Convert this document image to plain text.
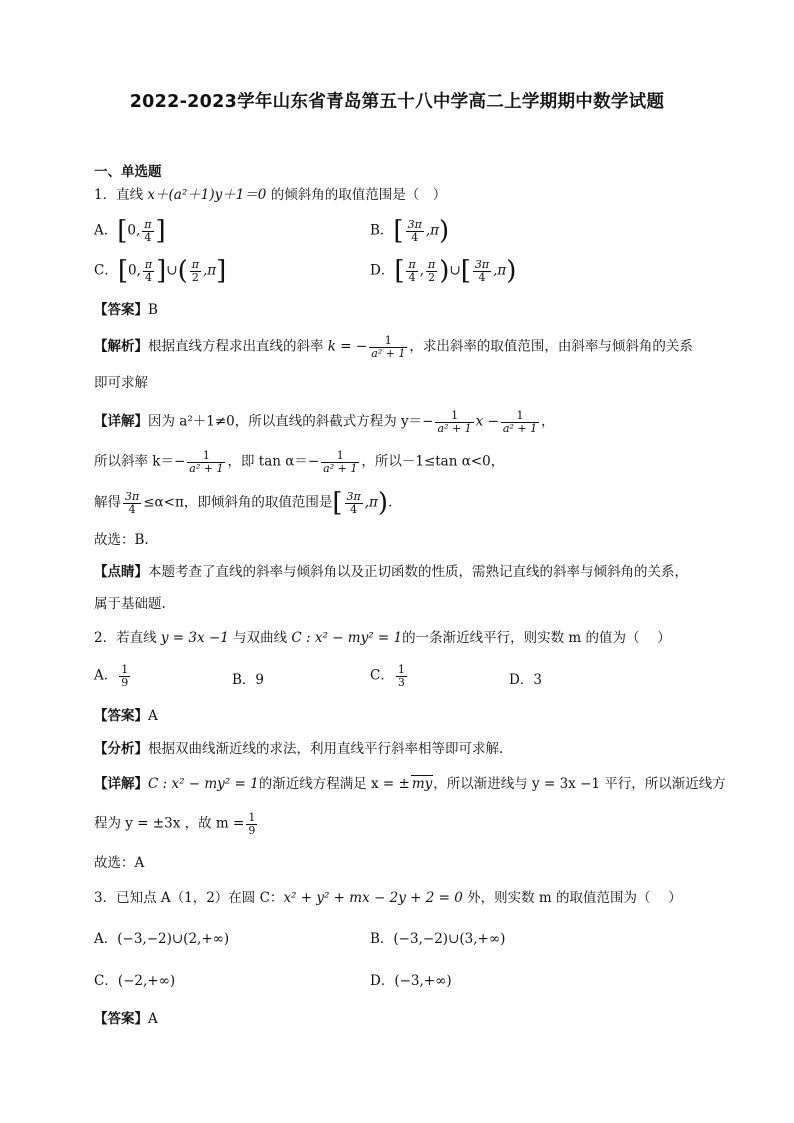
2022-2023学年山东省青岛第五十八中学高二上学期期中数学试题
一、单选题
1．直线 x＋(a²＋1)y＋1＝0 的倾斜角的取值范围是（　）
A．[0, $\frac{\pi}{4}$ ]	B．[ $\frac{3\pi}{4} ,\pi$)
C．[0, $\frac{\pi}{4}$ ]∪( $\frac{\pi}{2} ,\pi$]	D．[ $\frac{\pi}{4}$ , $\frac{\pi}{2}$ )∪[ $\frac{3\pi}{4} ,\pi$)
【答案】B
【解析】根据直线方程求出直线的斜率 k = − $\frac{1}{\text{a² + 1}}$ ，求出斜率的取值范围，由斜率与倾斜角的关系
即可求解
【详解】因为 a²＋1≠0，所以直线的斜截式方程为 $y=- \frac{1}{\text{a² + 1}}$ $x - \frac{1}{\text{a² + 1}}$ ，
所以斜率 $k=- \frac{1}{\text{a² + 1}}$ ，即 $\tan \alpha=- \frac{1}{\text{a² + 1}}$ ，所以－1≤tan α<0，
解得 $\frac{3\pi}{4} \le\alpha<\pi$，即倾斜角的取值范围是[ $\frac{3\pi}{4} ,\pi$).
故选：B.
【点睛】本题考查了直线的斜率与倾斜角以及正切函数的性质，需熟记直线的斜率与倾斜角的关系，
属于基础题.
2．若直线 y = 3x −1 与双曲线 C : x² − my² = 1的一条渐近线平行，则实数 m 的值为（　 ）
A． $\frac{1}{9}$	B．9	C． $\frac{1}{3}$	D．3
【答案】A
【分析】根据双曲线渐近线的求法，利用直线平行斜率相等即可求解.
【详解】C : x² − my² = 1的渐近线方程满足 x = ± my，所以渐进线与 y = 3x −1 平行，所以渐近线方
程为 y = ±3x ，故 $m = \frac{1}{9}$
故选：A
3．已知点 A（1，2）在圆 C：x² + y² + mx − 2y + 2 = 0 外，则实数 m 的取值范围为（　 ）
A．(−3,−2)∪(2,+∞)	B．(−3,−2)∪(3,+∞)
C．(−2,+∞)	D．(−3,+∞)
【答案】A
